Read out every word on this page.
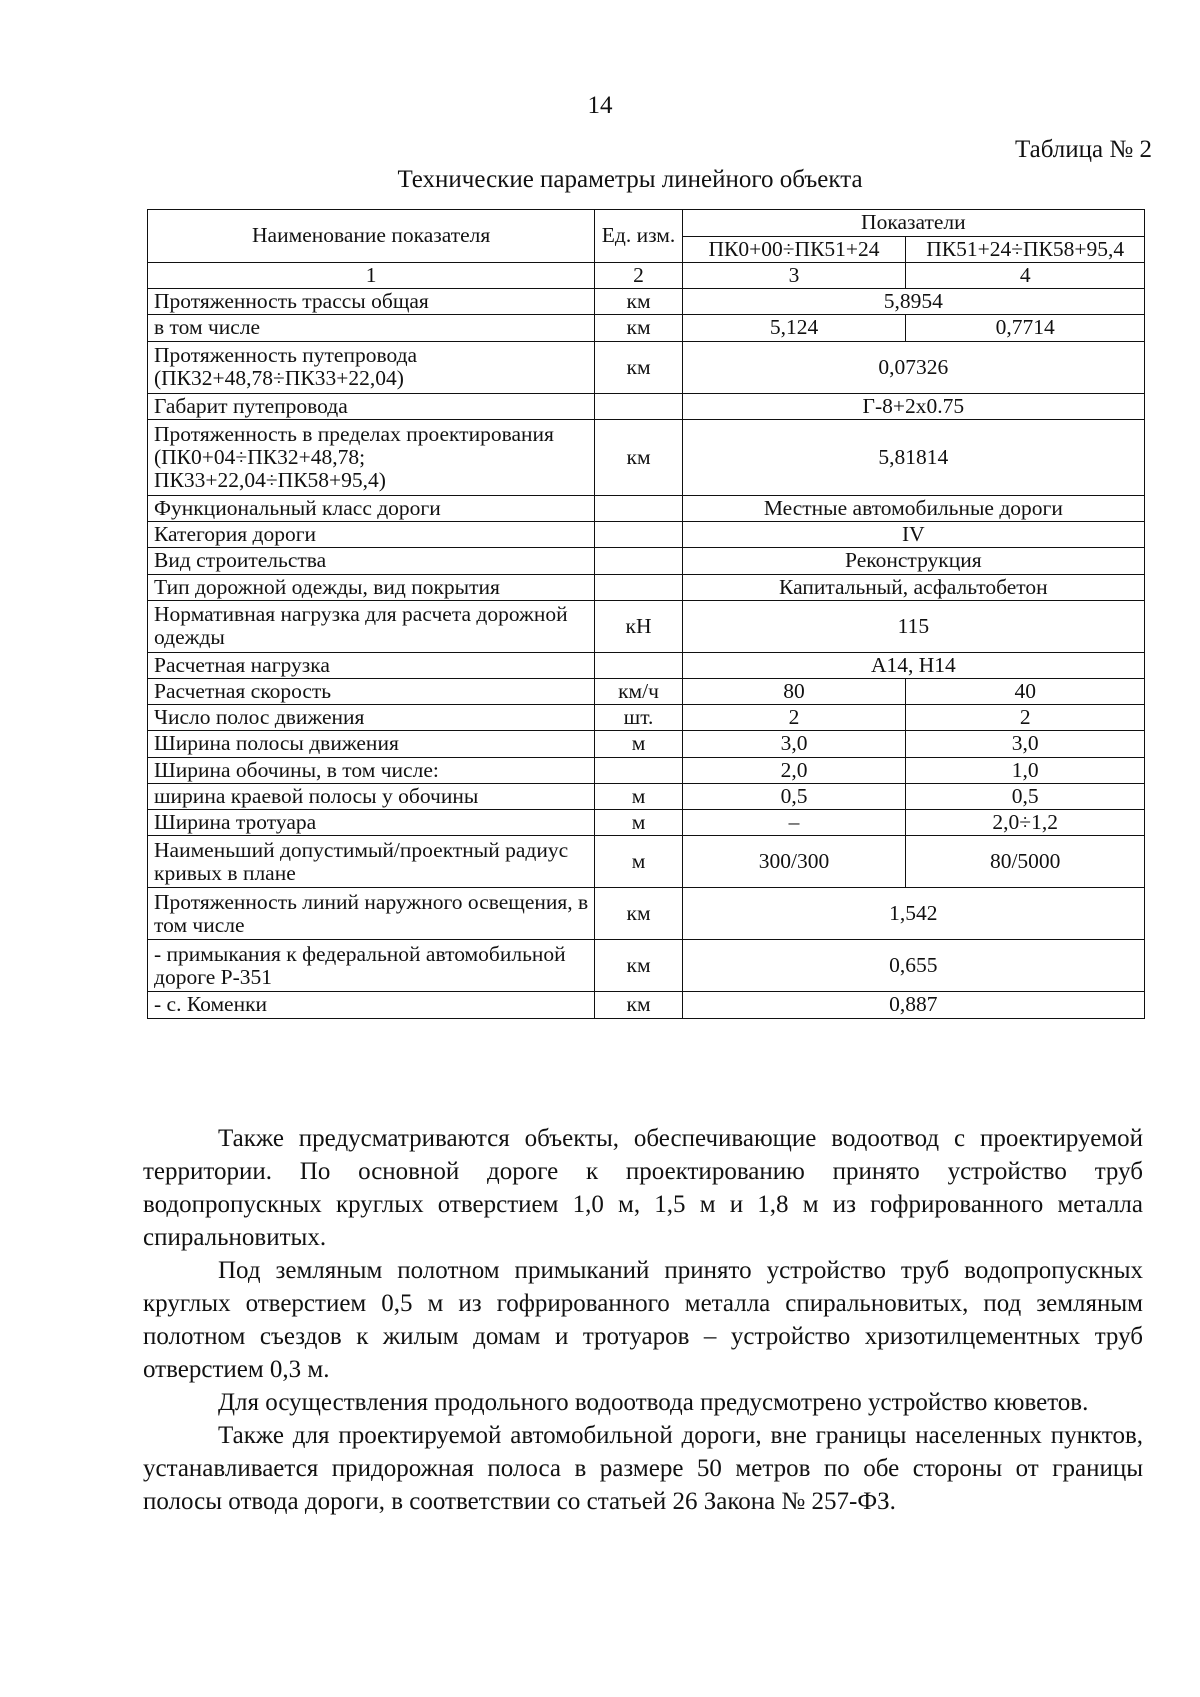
14
Таблица № 2
Технические параметры линейного объекта
Наименование показателя	Ед. изм.	Показатели	
		ПК0+00÷ПК51+24	ПК51+24÷ПК58+95,4
1	2	3	4
Протяженность трассы общая	км	5,8954	
в том числе	км	5,124	0,7714
Протяженность путепровода (ПК32+48,78÷ПК33+22,04)	км	0,07326	
Габарит путепровода		Г-8+2х0.75	
Протяженность в пределах проектирования (ПК0+04÷ПК32+48,78; ПК33+22,04÷ПК58+95,4)	км	5,81814	
Функциональный класс дороги		Местные автомобильные дороги	
Категория дороги		IV	
Вид строительства		Реконструкция	
Тип дорожной одежды, вид покрытия		Капитальный, асфальтобетон	
Нормативная нагрузка для расчета дорожной одежды	кН	115	
Расчетная нагрузка		А14, Н14	
Расчетная скорость	км/ч	80	40
Число полос движения	шт.	2	2
Ширина полосы движения	м	3,0	3,0
Ширина обочины, в том числе:		2,0	1,0
ширина краевой полосы у обочины	м	0,5	0,5
Ширина тротуара	м	–	2,0÷1,2
Наименьший допустимый/проектный радиус кривых в плане	м	300/300	80/5000
Протяженность линий наружного освещения, в том числе	км	1,542	
- примыкания к федеральной автомобильной дороге Р-351	км	0,655	
- с. Коменки	км	0,887	

Также предусматриваются объекты, обеспечивающие водоотвод с проектируемой территории. По основной дороге к проектированию принято устройство труб водопропускных круглых отверстием 1,0 м, 1,5 м и 1,8 м из гофрированного металла спиральновитых.

Под земляным полотном примыканий принято устройство труб водопропускных круглых отверстием 0,5 м из гофрированного металла спиральновитых, под земляным полотном съездов к жилым домам и тротуаров – устройство хризотилцементных труб отверстием 0,3 м.

Для осуществления продольного водоотвода предусмотрено устройство кюветов.

Также для проектируемой автомобильной дороги, вне границы населенных пунктов, устанавливается придорожная полоса в размере 50 метров по обе стороны от границы полосы отвода дороги, в соответствии со статьей 26 Закона № 257-ФЗ.
